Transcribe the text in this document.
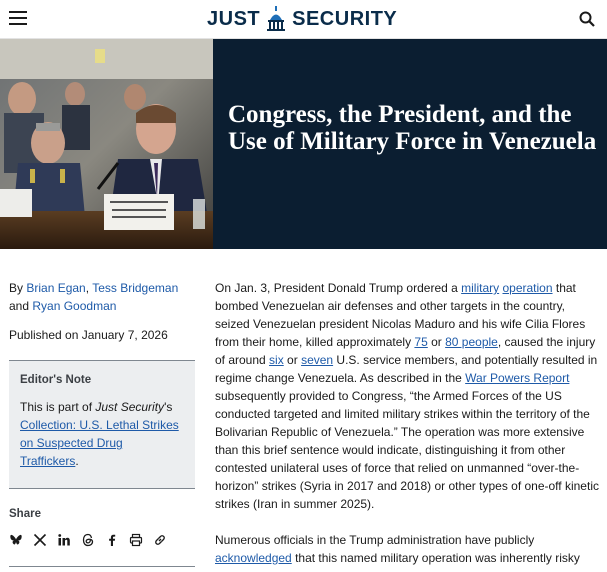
JUST SECURITY
Congress, the President, and the Use of Military Force in Venezuela
By Brian Egan, Tess Bridgeman and Ryan Goodman
Published on January 7, 2026
Editor's Note

This is part of Just Security's Collection: U.S. Lethal Strikes on Suspected Drug Traffickers.

Share

On Jan. 3, President Donald Trump ordered a military operation that bombed Venezuelan air defenses and other targets in the country, seized Venezuelan president Nicolas Maduro and his wife Cilia Flores from their home, killed approximately 75 or 80 people, caused the injury of around six or seven U.S. service members, and potentially resulted in regime change Venezuela. As described in the War Powers Report subsequently provided to Congress, “the Armed Forces of the US conducted targeted and limited military strikes within the territory of the Bolivarian Republic of Venezuela.” The operation was more extensive than this brief sentence would indicate, distinguishing it from other contested unilateral uses of force that relied on unmanned “over-the-horizon” strikes (Syria in 2017 and 2018) or other types of one-off kinetic strikes (Iran in summer 2025).

Numerous officials in the Trump administration have publicly acknowledged that this named military operation was inherently risky
